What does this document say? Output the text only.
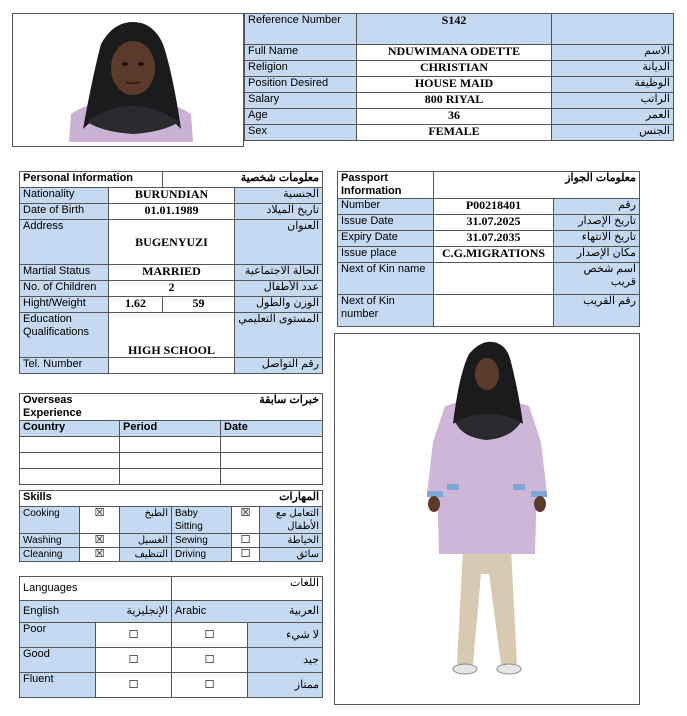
Reference Number	S142	
Full Name	NDUWIMANA ODETTE	الاسم
Religion	CHRISTIAN	الديانة
Position Desired	HOUSE MAID	الوظيفة
Salary	800 RIYAL	الراتب
Age	36	العمر
Sex	FEMALE	الجنس
Personal Information		معلومات شخصية	
Nationality	BURUNDIAN		الجنسية
Date of Birth	01.01.1989		تاريخ الميلاد
Address	BUGENYUZI		العنوان
Martial Status	MARRIED		الحالة الاجتماعية
No. of Children	2		عدد الأطفال
Hight/Weight	1.62	59	الوزن والطول
Education Qualifications	HIGH SCHOOL		المستوى التعليمي
Tel. Number			رقم التواصل
Passport Information	معلومات الجواز	
Number	P00218401	رقم
Issue Date	31.07.2025	تاريخ الإصدار
Expiry Date	31.07.2035	تاريخ الانتهاء
Issue place	C.G.MIGRATIONS	مكان الإصدار
Next of Kin name		اسم شخص قريب
Next of Kin number		رقم القريب
Overseas Experience	خبرات سابقة	
Country	Period	Date

Skills			المهارات		
Cooking	☒	الطبخ	Baby Sitting	☒	التعامل مع الأطفال
Washing	☒	الغسيل	Sewing	☐	الخياطة
Cleaning	☒	التنظيف	Driving	☐	سائق
Languages		اللغات	
English	الإنجليزية	Arabic	العربية
Poor	☐	☐	لا شيء
Good	☐	☐	جيد
Fluent	☐	☐	ممتاز
